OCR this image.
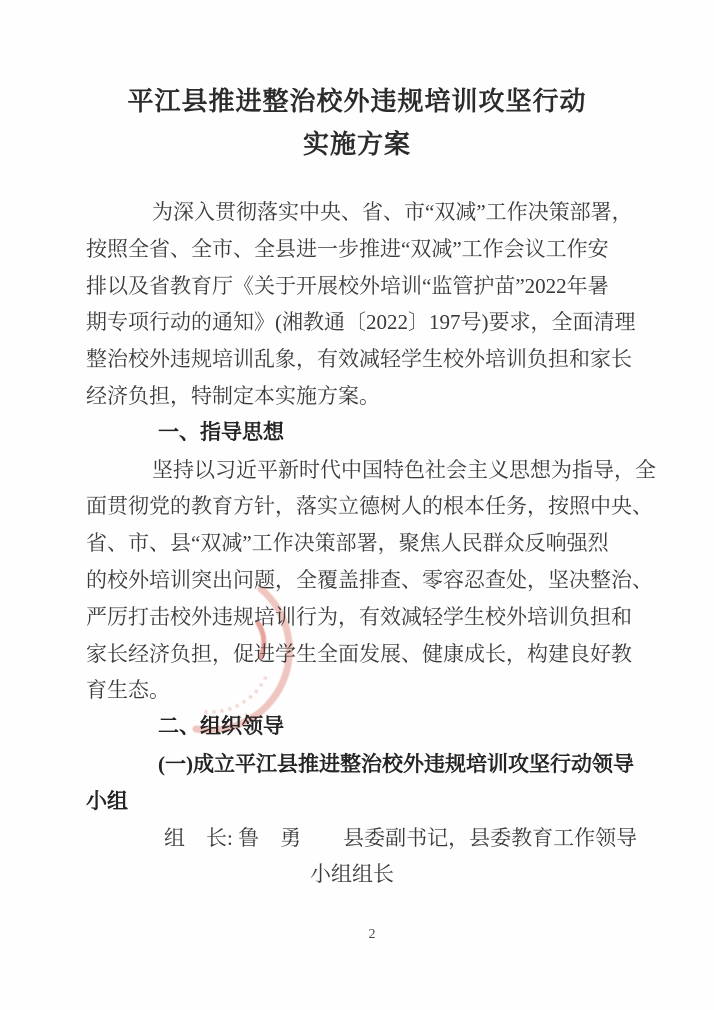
平江县推进整治校外违规培训攻坚行动
实施方案
为深入贯彻落实中央、省、市“双减”工作决策部署，
按照全省、全市、全县进一步推进“双减”工作会议工作安
排以及省教育厅《关于开展校外培训“监管护苗”2022年暑
期专项行动的通知》(湘教通〔2022〕197号)要求，全面清理
整治校外违规培训乱象，有效减轻学生校外培训负担和家长
经济负担，特制定本实施方案。
一、指导思想
坚持以习近平新时代中国特色社会主义思想为指导，全
面贯彻党的教育方针，落实立德树人的根本任务，按照中央、
省、市、县“双减”工作决策部署，聚焦人民群众反响强烈
的校外培训突出问题，全覆盖排查、零容忍查处，坚决整治、
严厉打击校外违规培训行为，有效减轻学生校外培训负担和
家长经济负担，促进学生全面发展、健康成长，构建良好教
育生态。
二、组织领导
(一)成立平江县推进整治校外违规培训攻坚行动领导
小组
组　长: 鲁　勇　　县委副书记，县委教育工作领导
小组组长
2
